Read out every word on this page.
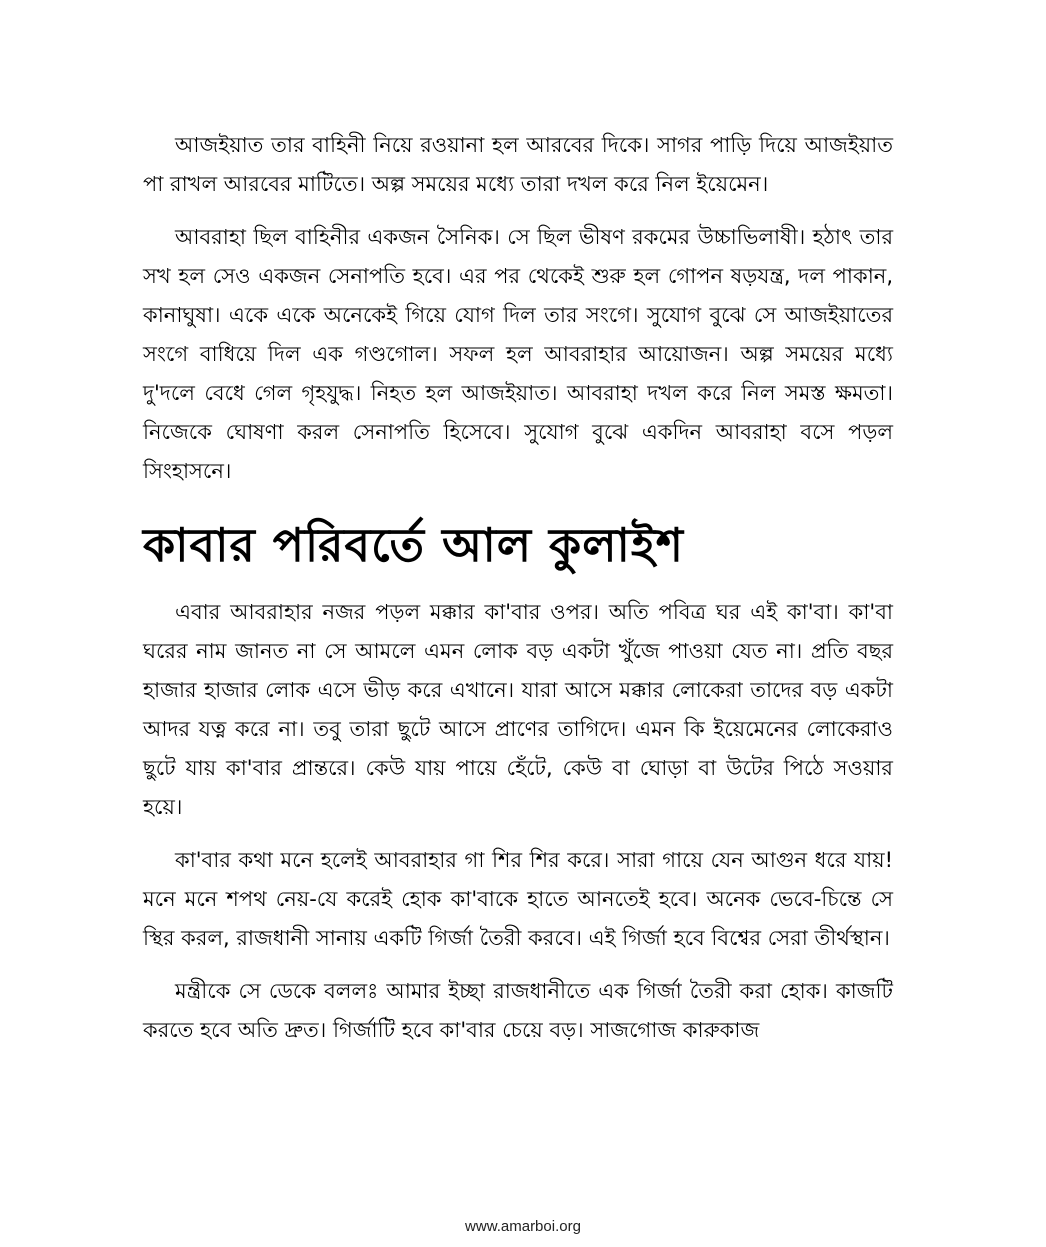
আজইয়াত তার বাহিনী নিয়ে রওয়ানা হল আরবের দিকে। সাগর পাড়ি দিয়ে আজইয়াত পা রাখল আরবের মাটিতে। অল্প সময়ের মধ্যে তারা দখল করে নিল ইয়েমেন।

আবরাহা ছিল বাহিনীর একজন সৈনিক। সে ছিল ভীষণ রকমের উচ্চাভিলাষী। হঠাৎ তার সখ হল সেও একজন সেনাপতি হবে। এর পর থেকেই শুরু হল গোপন ষড়যন্ত্র, দল পাকান, কানাঘুষা। একে একে অনেকেই গিয়ে যোগ দিল তার সংগে। সুযোগ বুঝে সে আজইয়াতের সংগে বাধিয়ে দিল এক গণ্ডগোল। সফল হল আবরাহার আয়োজন। অল্প সময়ের মধ্যে দু'দলে বেধে গেল গৃহযুদ্ধ। নিহত হল আজইয়াত। আবরাহা দখল করে নিল সমস্ত ক্ষমতা। নিজেকে ঘোষণা করল সেনাপতি হিসেবে। সুযোগ বুঝে একদিন আবরাহা বসে পড়ল সিংহাসনে।

কাবার পরিবর্তে আল কুলাইশ

এবার আবরাহার নজর পড়ল মক্কার কা'বার ওপর। অতি পবিত্র ঘর এই কা'বা। কা'বা ঘরের নাম জানত না সে আমলে এমন লোক বড় একটা খুঁজে পাওয়া যেত না। প্রতি বছর হাজার হাজার লোক এসে ভীড় করে এখানে। যারা আসে মক্কার লোকেরা তাদের বড় একটা আদর যত্ন করে না। তবু তারা ছুটে আসে প্রাণের তাগিদে। এমন কি ইয়েমেনের লোকেরাও ছুটে যায় কা'বার প্রান্তরে। কেউ যায় পায়ে হেঁটে, কেউ বা ঘোড়া বা উটের পিঠে সওয়ার হয়ে।

কা'বার কথা মনে হলেই আবরাহার গা শির শির করে। সারা গায়ে যেন আগুন ধরে যায়! মনে মনে শপথ নেয়-যে করেই হোক কা'বাকে হাতে আনতেই হবে। অনেক ভেবে-চিন্তে সে স্থির করল, রাজধানী সানায় একটি গির্জা তৈরী করবে। এই গির্জা হবে বিশ্বের সেরা তীর্থস্থান।

মন্ত্রীকে সে ডেকে বললঃ আমার ইচ্ছা রাজধানীতে এক গির্জা তৈরী করা হোক। কাজটি করতে হবে অতি দ্রুত। গির্জাটি হবে কা'বার চেয়ে বড়। সাজগোজ কারুকাজ

www.amarboi.org
